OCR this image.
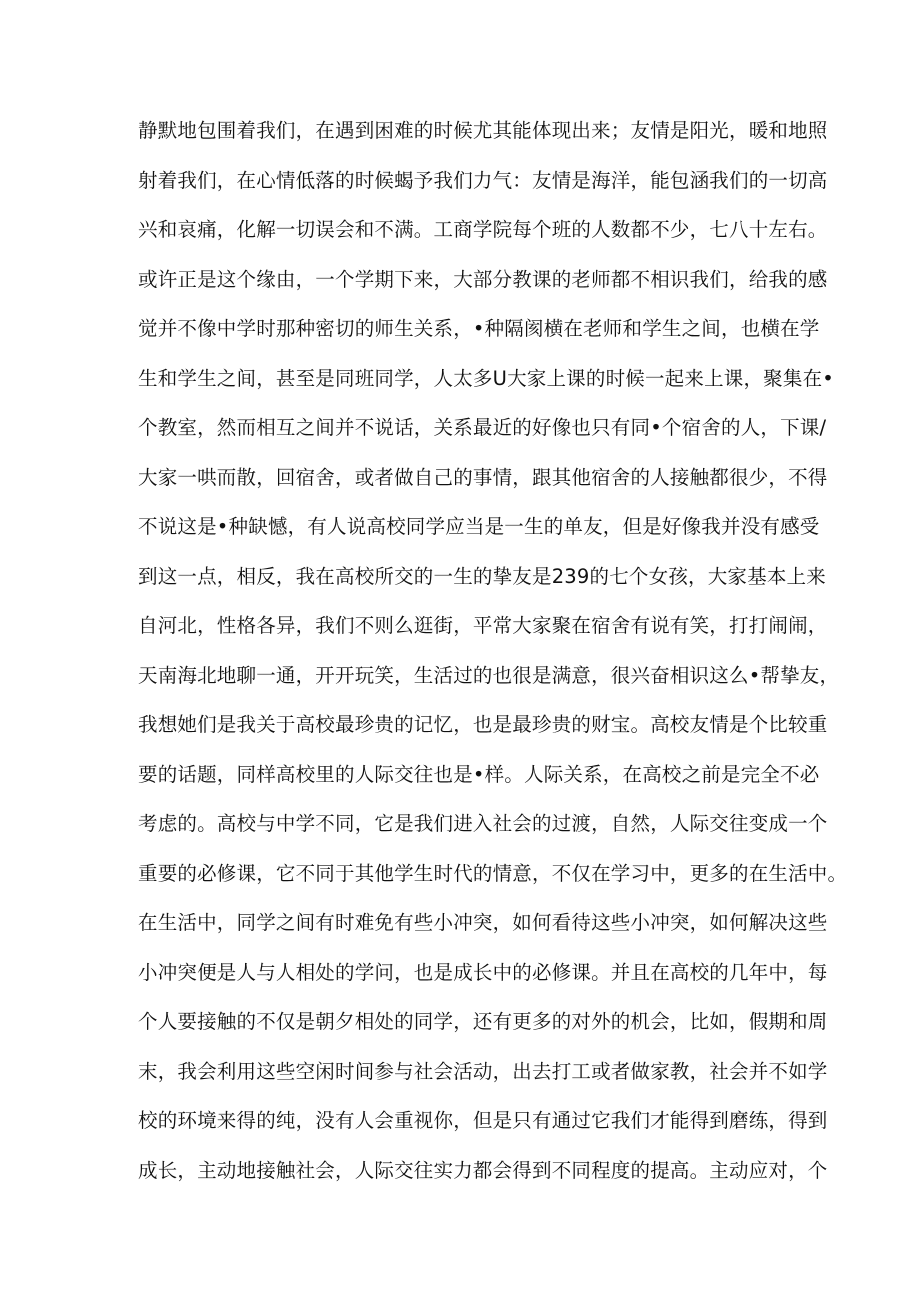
静默地包围着我们，在遇到困难的时候尤其能体现出来；友情是阳光，暖和地照
射着我们，在心情低落的时候蝎予我们力气：友情是海洋，能包涵我们的一切高
兴和哀痛，化解一切误会和不满。工商学院每个班的人数都不少，七八十左右。
或许正是这个缘由，一个学期下来，大部分教课的老师都不相识我们，给我的感
觉并不像中学时那种密切的师生关系，•种隔阂横在老师和学生之间，也横在学
生和学生之间，甚至是同班同学，人太多U大家上课的时候一起来上课，聚集在•
个教室，然而相互之间并不说话，关系最近的好像也只有同•个宿舍的人，下课/
大家一哄而散，回宿舍，或者做自己的事情，跟其他宿舍的人接触都很少，不得
不说这是•种缺憾，有人说高校同学应当是一生的单友，但是好像我并没有感受
到这一点，相反，我在高校所交的一生的挚友是239的七个女孩，大家基本上来
自河北，性格各异，我们不则么逛街，平常大家聚在宿舍有说有笑，打打闹闹，
天南海北地聊一通，开开玩笑，生活过的也很是满意，很兴奋相识这么•帮挚友，
我想她们是我关于高校最珍贵的记忆，也是最珍贵的财宝。高校友情是个比较重
要的话题，同样高校里的人际交往也是•样。人际关系，在高校之前是完全不必
考虑的。高校与中学不同，它是我们进入社会的过渡，自然，人际交往变成一个
重要的必修课，它不同于其他学生时代的情意，不仅在学习中，更多的在生活中。
在生活中，同学之间有时难免有些小冲突，如何看待这些小冲突，如何解决这些
小冲突便是人与人相处的学问，也是成长中的必修课。并且在高校的几年中，每
个人要接触的不仅是朝夕相处的同学，还有更多的对外的机会，比如，假期和周
末，我会利用这些空闲时间参与社会活动，出去打工或者做家教，社会并不如学
校的环境来得的纯，没有人会重视你，但是只有通过它我们才能得到磨练，得到
成长，主动地接触社会，人际交往实力都会得到不同程度的提高。主动应对，个
